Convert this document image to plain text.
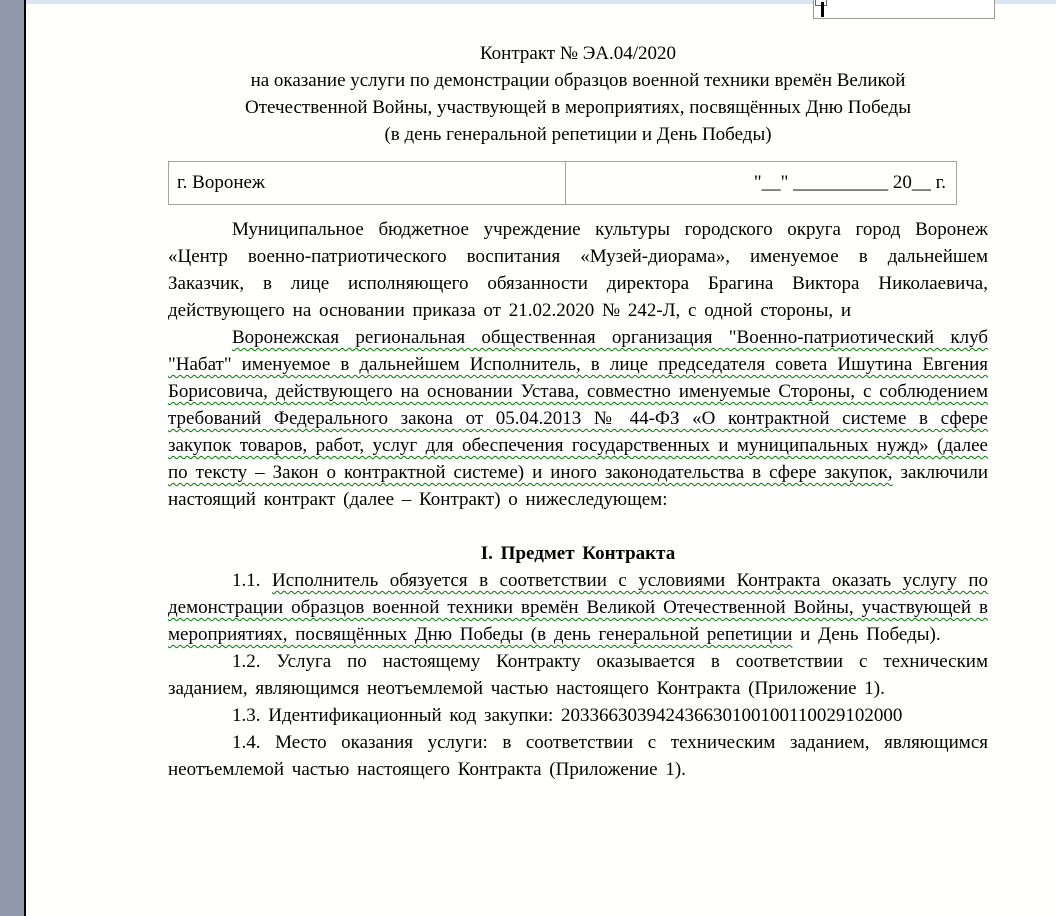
Контракт № ЭА.04/2020
на оказание услуги по демонстрации образцов военной техники времён Великой
Отечественной Войны, участвующей в мероприятиях, посвящённых Дню Победы
(в день генеральной репетиции и День Победы)
г. Воронеж	"__" __________ 20__ г.

Муниципальное бюджетное учреждение культуры городского округа город Воронеж «Центр военно-патриотического воспитания «Музей-диорама», именуемое в дальнейшем Заказчик, в лице исполняющего обязанности директора Брагина Виктора Николаевича, действующего на основании приказа от 21.02.2020 № 242-Л, с одной стороны, и

Воронежская региональная общественная организация "Военно-патриотический клуб "Набат" именуемое в дальнейшем Исполнитель, в лице председателя совета Ишутина Евгения Борисовича, действующего на основании Устава, совместно именуемые Стороны, с соблюдением требований Федерального закона от 05.04.2013 № 44-ФЗ «О контрактной системе в сфере закупок товаров, работ, услуг для обеспечения государственных и муниципальных нужд» (далее по тексту – Закон о контрактной системе) и иного законодательства в сфере закупок, заключили настоящий контракт (далее – Контракт) о нижеследующем:

I. Предмет Контракта

1.1. Исполнитель обязуется в соответствии с условиями Контракта оказать услугу по демонстрации образцов военной техники времён Великой Отечественной Войны, участвующей в мероприятиях, посвящённых Дню Победы (в день генеральной репетиции и День Победы).

1.2. Услуга по настоящему Контракту оказывается в соответствии с техническим заданием, являющимся неотъемлемой частью настоящего Контракта (Приложение 1).

1.3. Идентификационный код закупки: 203366303942436630100100110029102000

1.4. Место оказания услуги: в соответствии с техническим заданием, являющимся неотъемлемой частью настоящего Контракта (Приложение 1).
